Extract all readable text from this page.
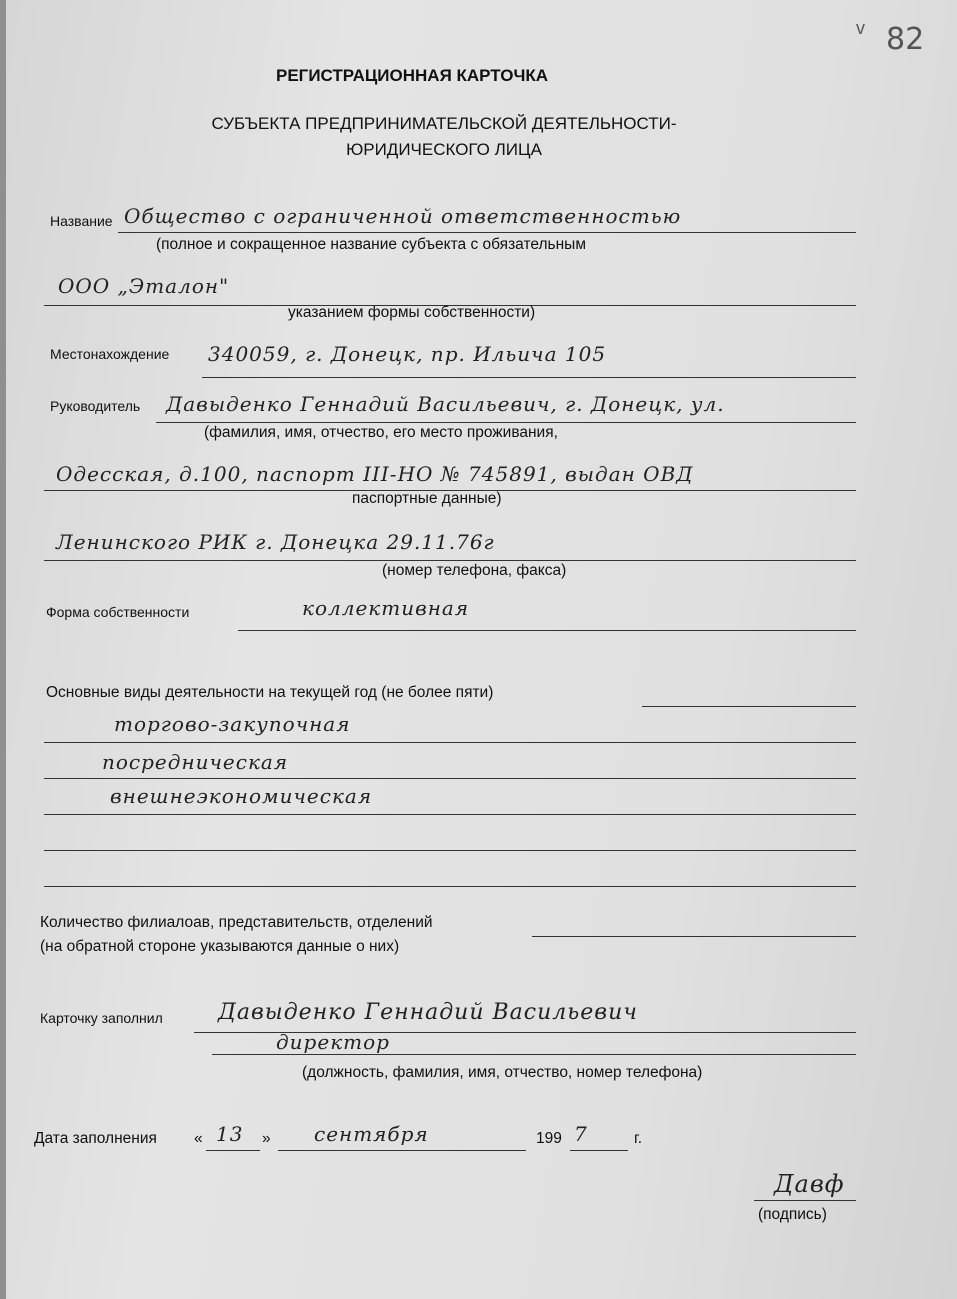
v 82
РЕГИСТРАЦИОННАЯ КАРТОЧКА
СУБЪЕКТА ПРЕДПРИНИМАТЕЛЬСКОЙ ДЕЯТЕЛЬНОСТИ-
ЮРИДИЧЕСКОГО ЛИЦА
Название Общество с ограниченной ответственностью
(полное и сокращенное название субъекта с обязательным
ООО „Эталон"
указанием формы собственности)
Местонахождение 340059, г. Донецк, пр. Ильича 105
Руководитель Давыденко Геннадий Васильевич, г. Донецк, ул.
(фамилия, имя, отчество, его место проживания,
Одесская, д.100, паспорт III-НО № 745891, выдан ОВД
паспортные данные)
Ленинского РИК г. Донецка 29.11.76г
(номер телефона, факса)
Форма собственности	коллективная
Основные виды деятельности на текущей год (не более пяти)
торгово-закупочная
посредническая
внешнеэкономическая
Количество филиалоав, представительств, отделений
(на обратной стороне указываются данные о них)
Карточку заполнил	Давыденко Геннадий Васильевич
директор
(должность, фамилия, имя, отчество, номер телефона)
Дата заполнения « 13 » сентября	199 7	г.
Давф
(подпись)
